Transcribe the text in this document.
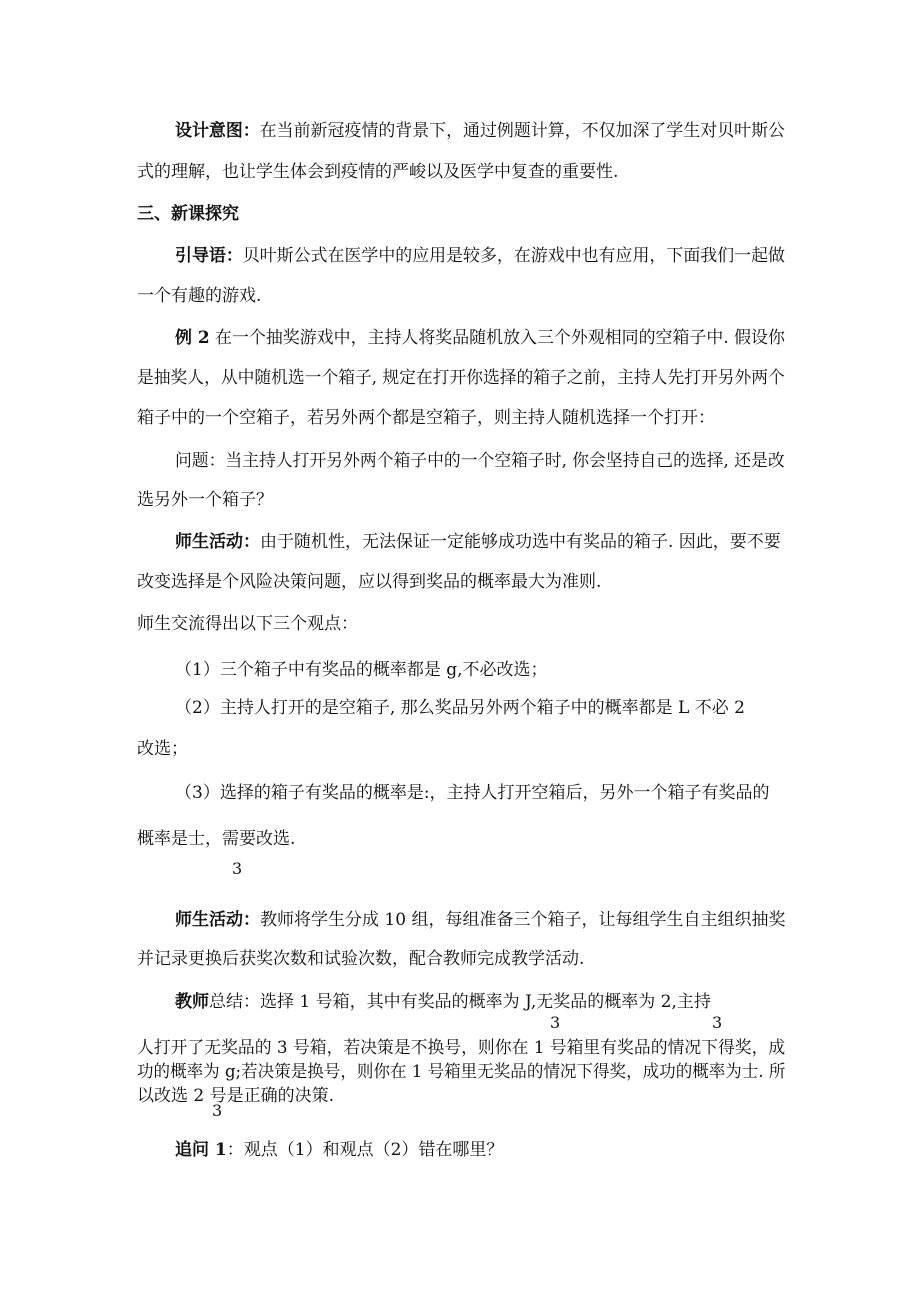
设计意图：在当前新冠疫情的背景下，通过例题计算，不仅加深了学生对贝叶斯公
式的理解，也让学生体会到疫情的严峻以及医学中复查的重要性.
三、新课探究
引导语：贝叶斯公式在医学中的应用是较多，在游戏中也有应用，下面我们一起做
一个有趣的游戏.
例 2 在一个抽奖游戏中，主持人将奖品随机放入三个外观相同的空箱子中. 假设你
是抽奖人，从中随机选一个箱子, 规定在打开你选择的箱子之前，主持人先打开另外两个
箱子中的一个空箱子，若另外两个都是空箱子，则主持人随机选择一个打开：
问题：当主持人打开另外两个箱子中的一个空箱子时, 你会坚持自己的选择, 还是改
选另外一个箱子？
师生活动：由于随机性，无法保证一定能够成功选中有奖品的箱子. 因此，要不要
改变选择是个风险决策问题，应以得到奖品的概率最大为准则.
师生交流得出以下三个观点：
（1）三个箱子中有奖品的概率都是 g,不必改选；
（2）主持人打开的是空箱子, 那么奖品另外两个箱子中的概率都是 L 不必 2
改选；
（3）选择的箱子有奖品的概率是:，主持人打开空箱后，另外一个箱子有奖品的
概率是士，需要改选.
3
师生活动：教师将学生分成 10 组，每组准备三个箱子，让每组学生自主组织抽奖
并记录更换后获奖次数和试验次数，配合教师完成教学活动.
教师总结：选择 1 号箱，其中有奖品的概率为 J,无奖品的概率为 2,主持
3	3
人打开了无奖品的 3 号箱，若决策是不换号，则你在 1 号箱里有奖品的情况下得奖，成
功的概率为 g;若决策是换号，则你在 1 号箱里无奖品的情况下得奖，成功的概率为士. 所
以改选 2 号是正确的决策.
3
追问 1：观点（1）和观点（2）错在哪里？
